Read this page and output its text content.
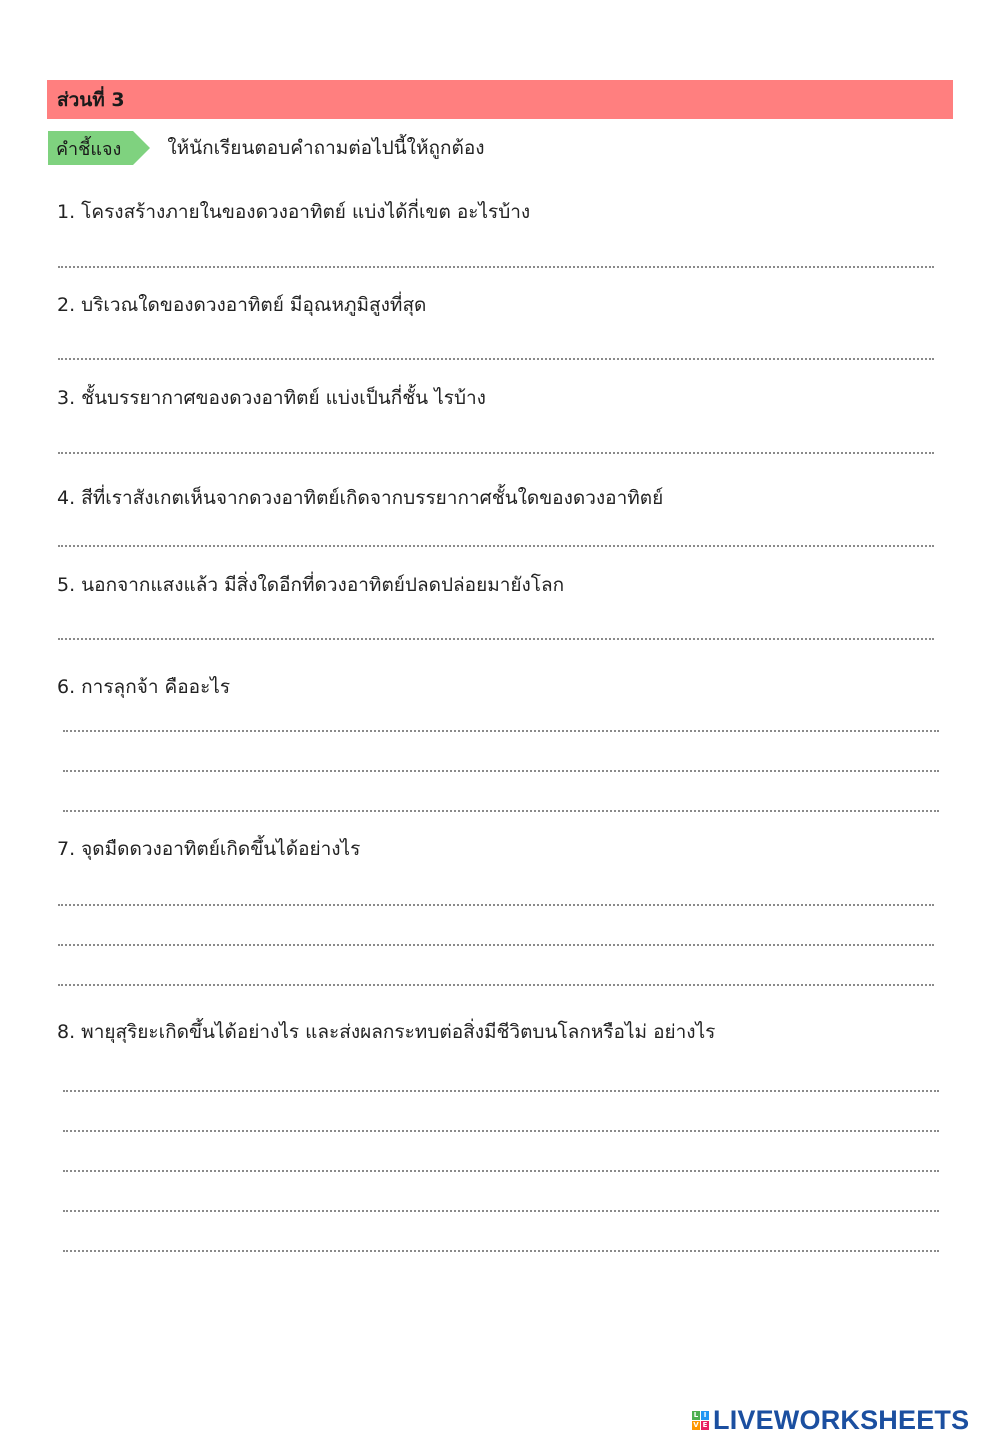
ส่วนที่ 3
คำชี้แจง ให้นักเรียนตอบคำถามต่อไปนี้ให้ถูกต้อง
1. โครงสร้างภายในของดวงอาทิตย์ แบ่งได้กี่เขต อะไรบ้าง
2. บริเวณใดของดวงอาทิตย์ มีอุณหภูมิสูงที่สุด
3. ชั้นบรรยากาศของดวงอาทิตย์ แบ่งเป็นกี่ชั้น ไรบ้าง
4. สีที่เราสังเกตเห็นจากดวงอาทิตย์เกิดจากบรรยากาศชั้นใดของดวงอาทิตย์
5. นอกจากแสงแล้ว มีสิ่งใดอีกที่ดวงอาทิตย์ปลดปล่อยมายังโลก
6. การลุกจ้า คืออะไร
7. จุดมืดดวงอาทิตย์เกิดขึ้นได้อย่างไร
8. พายุสุริยะเกิดขึ้นได้อย่างไร และส่งผลกระทบต่อสิ่งมีชีวิตบนโลกหรือไม่ อย่างไร
L I
V E LIVEWORKSHEETS
